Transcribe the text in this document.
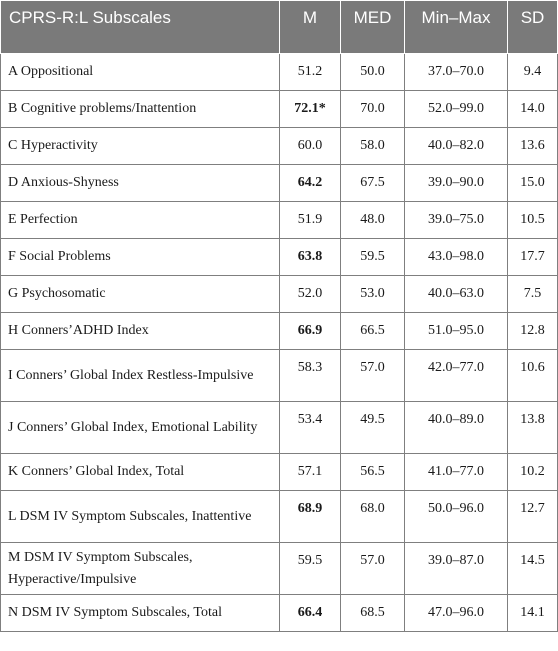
CPRS-R:L Subscales	M	MED	Min–Max	SD
A Oppositional	51.2	50.0	37.0–70.0	9.4
B Cognitive problems/Inattention	72.1*	70.0	52.0–99.0	14.0
C Hyperactivity	60.0	58.0	40.0–82.0	13.6
D Anxious-Shyness	64.2	67.5	39.0–90.0	15.0
E Perfection	51.9	48.0	39.0–75.0	10.5
F Social Problems	63.8	59.5	43.0–98.0	17.7
G Psychosomatic	52.0	53.0	40.0–63.0	7.5
H Conners’ADHD Index	66.9	66.5	51.0–95.0	12.8
I Conners’ Global Index Restless-Impulsive	58.3	57.0	42.0–77.0	10.6
J Conners’ Global Index, Emotional Lability	53.4	49.5	40.0–89.0	13.8
K Conners’ Global Index, Total	57.1	56.5	41.0–77.0	10.2
L DSM IV Symptom Subscales, Inattentive	68.9	68.0	50.0–96.0	12.7
M DSM IV Symptom Subscales, Hyperactive/Impulsive	59.5	57.0	39.0–87.0	14.5
N DSM IV Symptom Subscales, Total	66.4	68.5	47.0–96.0	14.1
